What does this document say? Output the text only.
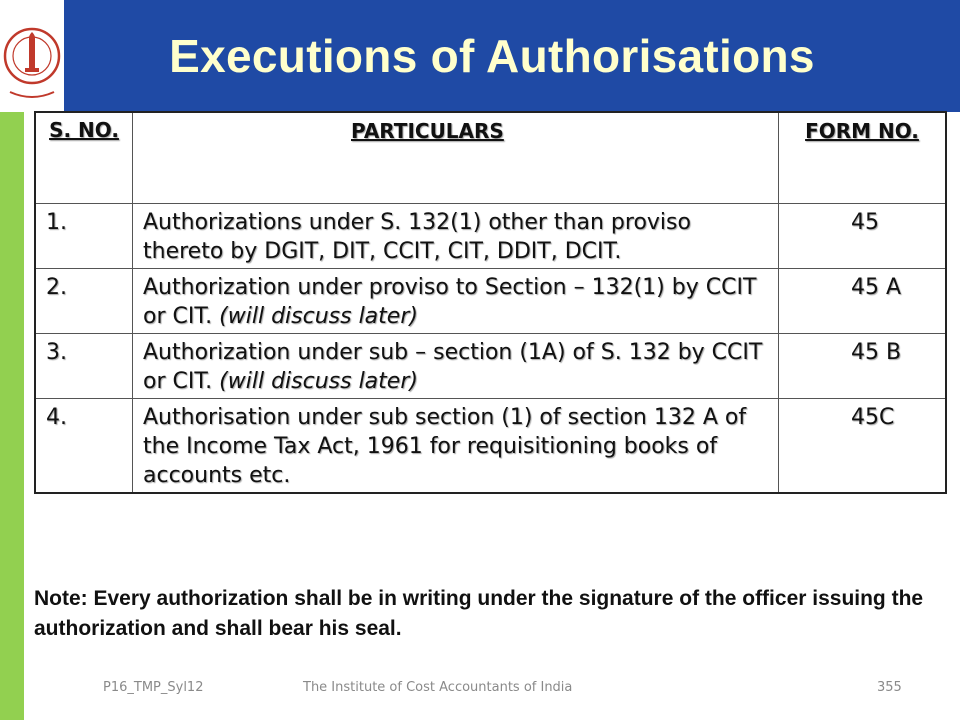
Executions of Authorisations
S. NO.	PARTICULARS	FORM NO.
1.	Authorizations under S. 132(1) other than proviso thereto by DGIT, DIT, CCIT, CIT, DDIT, DCIT.	45
2.	Authorization under proviso to Section – 132(1) by CCIT or CIT. (will discuss later)	45 A
3.	Authorization under sub – section (1A) of S. 132 by CCIT or CIT. (will discuss later)	45 B
4.	Authorisation under sub section (1) of section 132 A of the Income Tax Act, 1961 for requisitioning books of accounts etc.	45C
Note: Every authorization shall be in writing under the signature of the officer issuing the authorization and shall bear his seal.
P16_TMP_Syl12	The Institute of Cost Accountants of India	355
